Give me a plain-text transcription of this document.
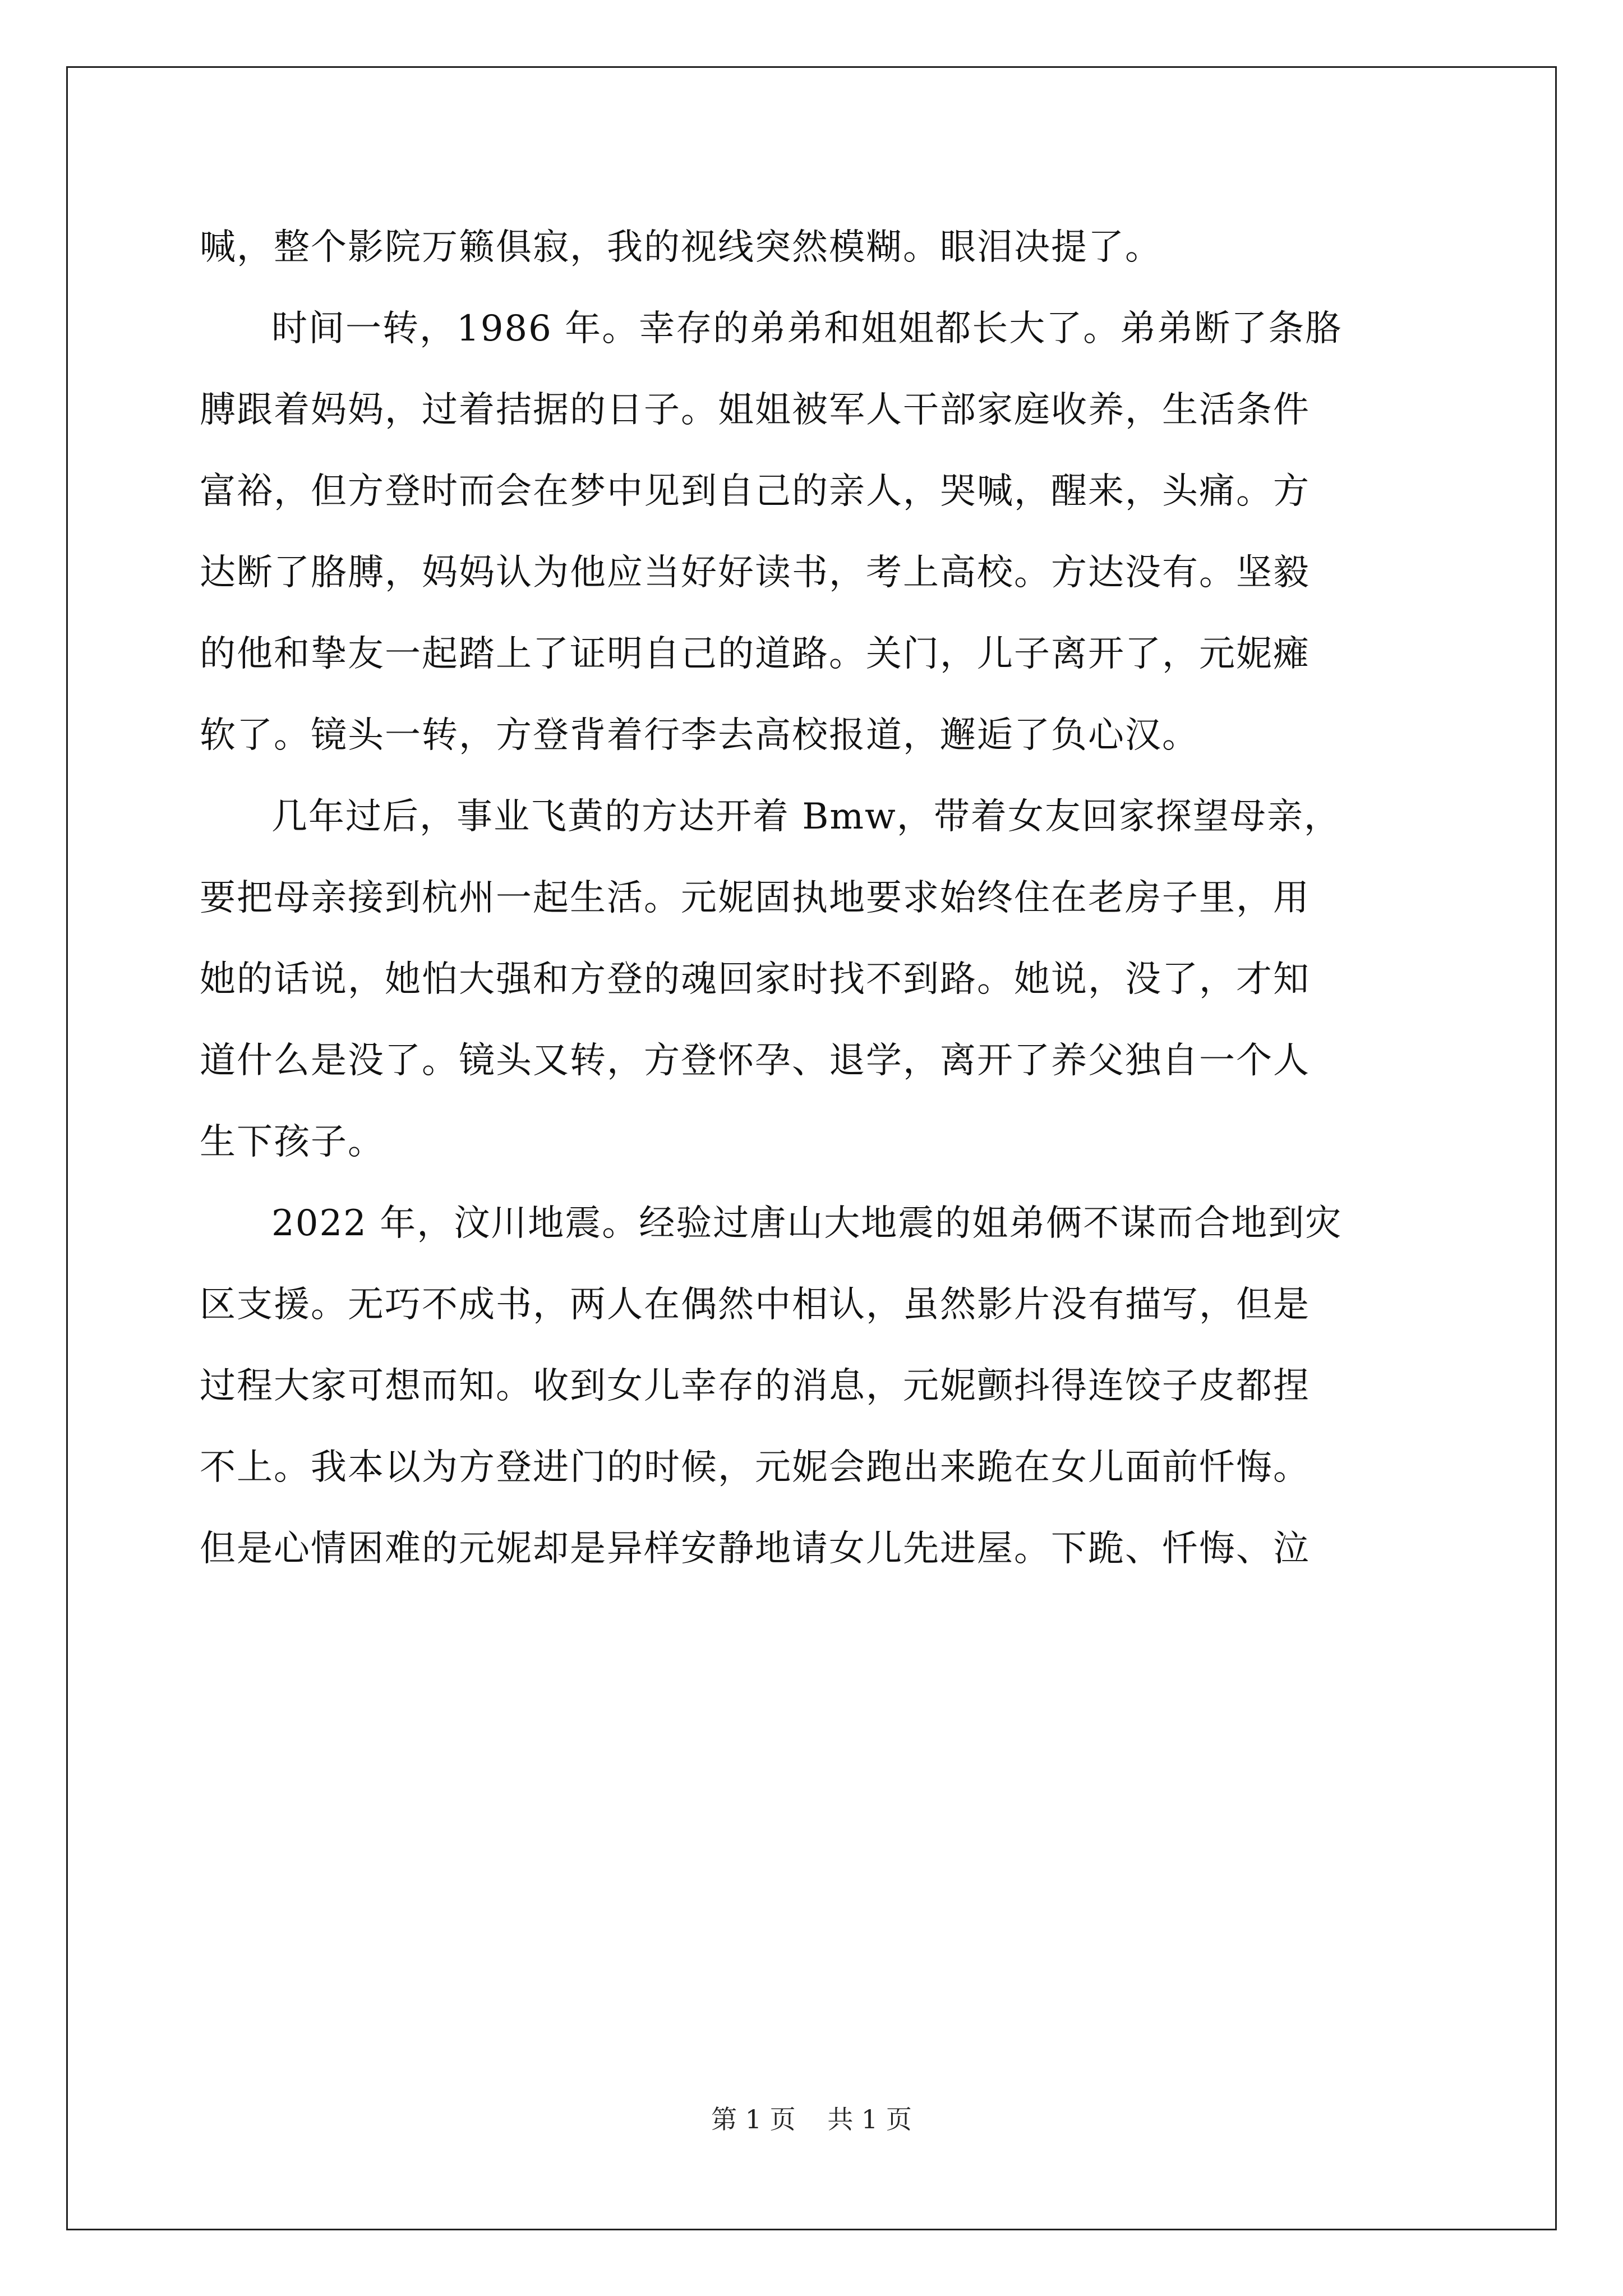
喊，整个影院万籁俱寂，我的视线突然模糊。眼泪决提了。
时间一转，1986 年。幸存的弟弟和姐姐都长大了。弟弟断了条胳
膊跟着妈妈，过着拮据的日子。姐姐被军人干部家庭收养，生活条件
富裕，但方登时而会在梦中见到自己的亲人，哭喊，醒来，头痛。方
达断了胳膊，妈妈认为他应当好好读书，考上高校。方达没有。坚毅
的他和挚友一起踏上了证明自己的道路。关门，儿子离开了，元妮瘫
软了。镜头一转，方登背着行李去高校报道，邂逅了负心汉。
几年过后，事业飞黄的方达开着 Bmw，带着女友回家探望母亲，
要把母亲接到杭州一起生活。元妮固执地要求始终住在老房子里，用
她的话说，她怕大强和方登的魂回家时找不到路。她说，没了，才知
道什么是没了。镜头又转，方登怀孕、退学，离开了养父独自一个人
生下孩子。
2022 年，汶川地震。经验过唐山大地震的姐弟俩不谋而合地到灾
区支援。无巧不成书，两人在偶然中相认，虽然影片没有描写，但是
过程大家可想而知。收到女儿幸存的消息，元妮颤抖得连饺子皮都捏
不上。我本以为方登进门的时候，元妮会跑出来跪在女儿面前忏悔。
但是心情困难的元妮却是异样安静地请女儿先进屋。下跪、忏悔、泣
第 1 页 共 1 页
